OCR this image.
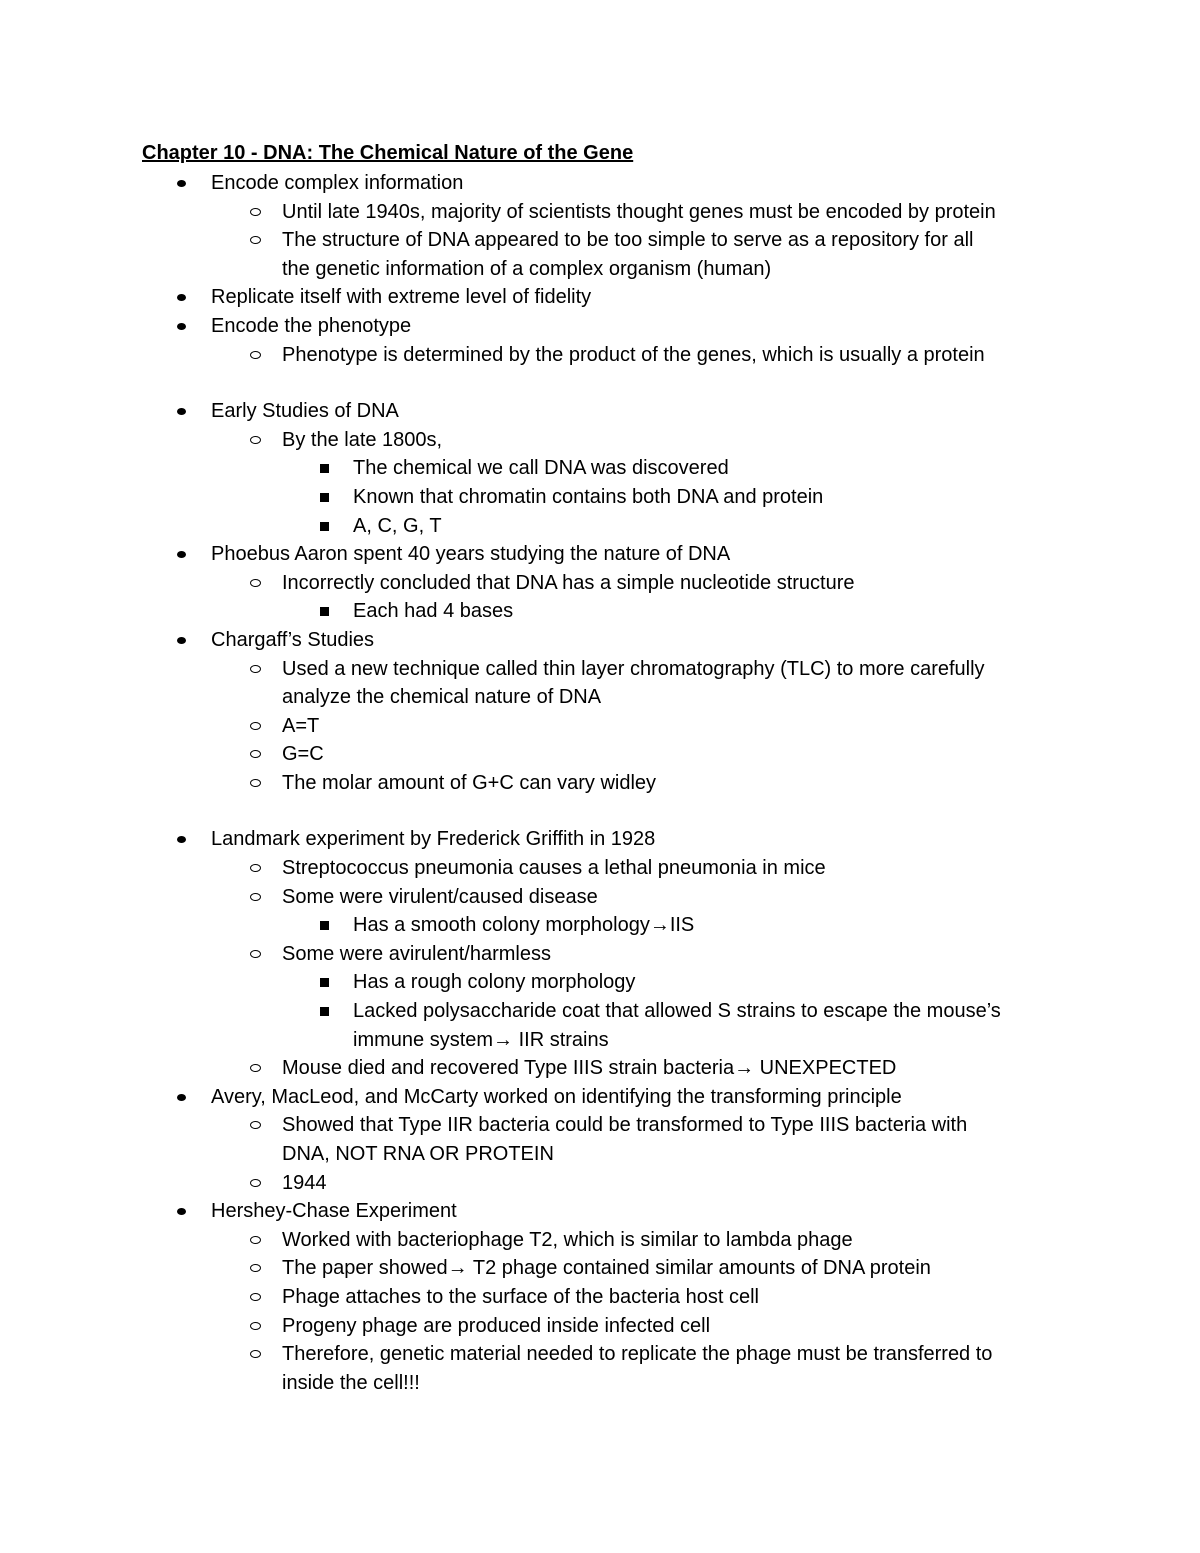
Chapter 10 - DNA: The Chemical Nature of the Gene
Encode complex information
Until late 1940s, majority of scientists thought genes must be encoded by protein
The structure of DNA appeared to be too simple to serve as a repository for all
the genetic information of a complex organism (human)
Replicate itself with extreme level of fidelity
Encode the phenotype
Phenotype is determined by the product of the genes, which is usually a protein
Early Studies of DNA
By the late 1800s,
The chemical we call DNA was discovered
Known that chromatin contains both DNA and protein
A, C, G, T
Phoebus Aaron spent 40 years studying the nature of DNA
Incorrectly concluded that DNA has a simple nucleotide structure
Each had 4 bases
Chargaff’s Studies
Used a new technique called thin layer chromatography (TLC) to more carefully
analyze the chemical nature of DNA
A=T
G=C
The molar amount of G+C can vary widley
Landmark experiment by Frederick Griffith in 1928
Streptococcus pneumonia causes a lethal pneumonia in mice
Some were virulent/caused disease
Has a smooth colony morphology→IIS
Some were avirulent/harmless
Has a rough colony morphology
Lacked polysaccharide coat that allowed S strains to escape the mouse’s
immune system→ IIR strains
Mouse died and recovered Type IIIS strain bacteria→ UNEXPECTED
Avery, MacLeod, and McCarty worked on identifying the transforming principle
Showed that Type IIR bacteria could be transformed to Type IIIS bacteria with
DNA, NOT RNA OR PROTEIN
1944
Hershey-Chase Experiment
Worked with bacteriophage T2, which is similar to lambda phage
The paper showed→ T2 phage contained similar amounts of DNA protein
Phage attaches to the surface of the bacteria host cell
Progeny phage are produced inside infected cell
Therefore, genetic material needed to replicate the phage must be transferred to
inside the cell!!!
